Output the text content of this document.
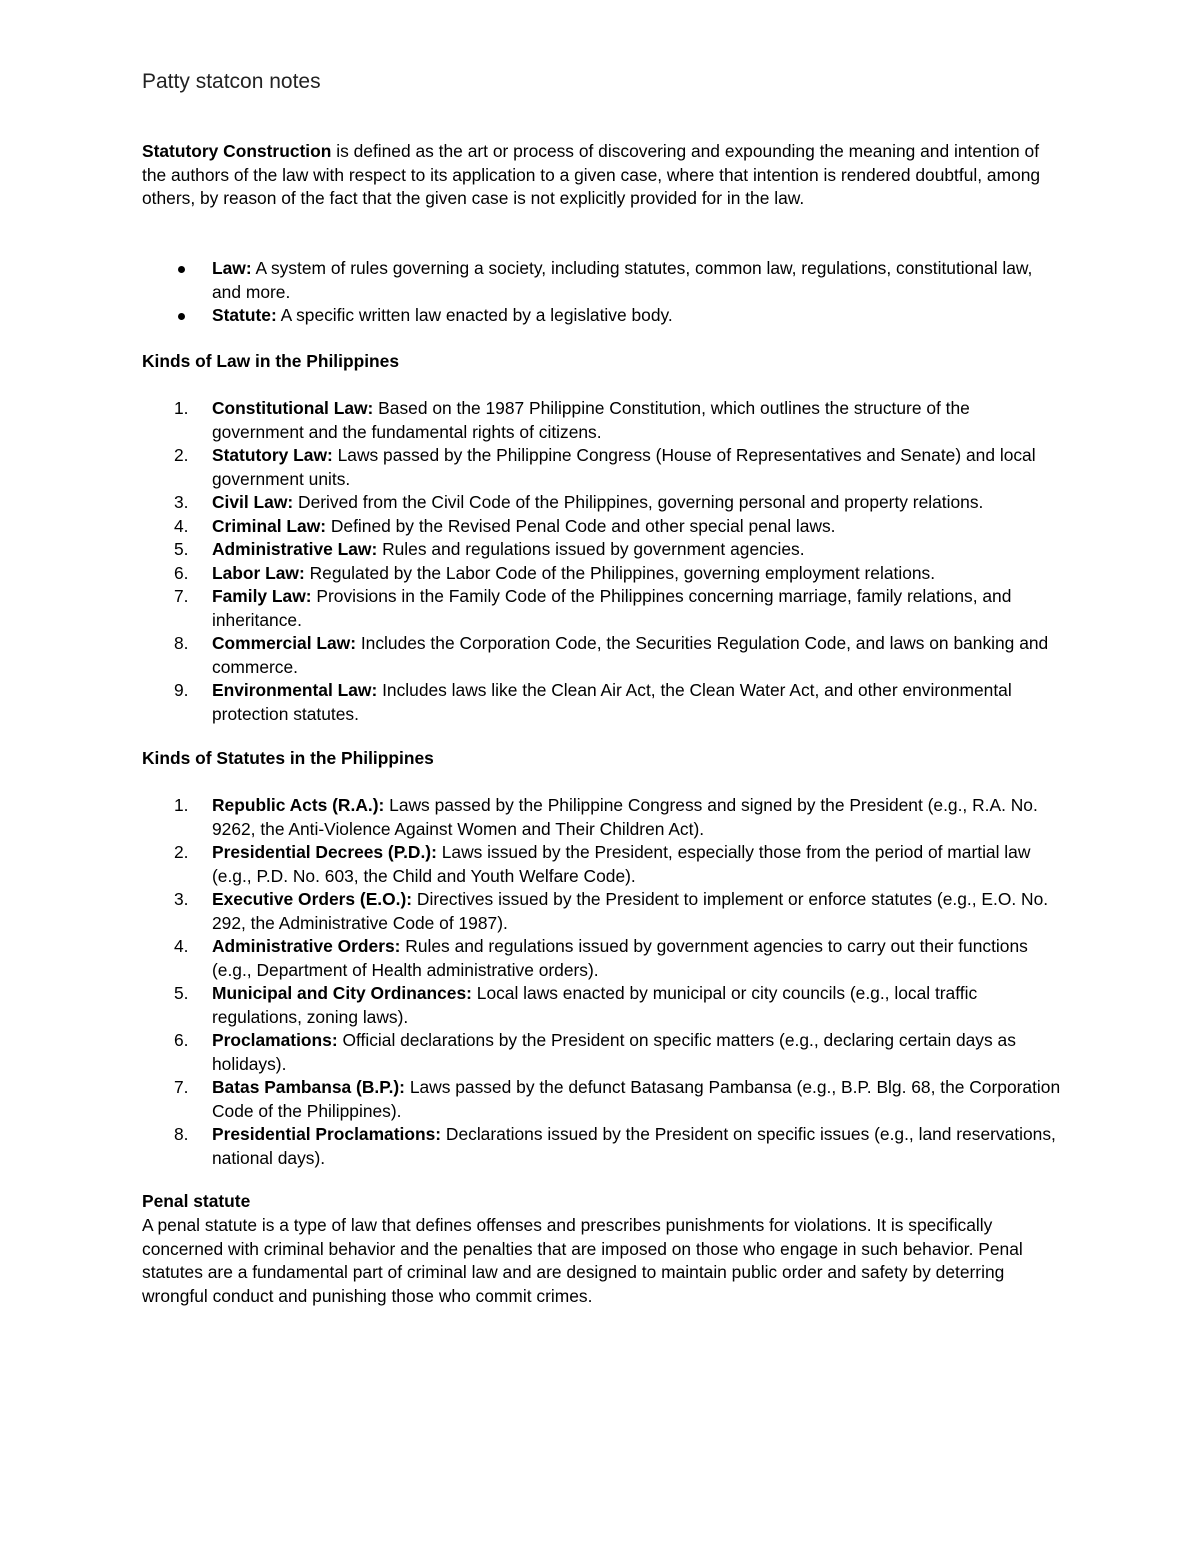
Patty statcon notes

Statutory Construction is defined as the art or process of discovering and expounding the meaning and intention of the authors of the law with respect to its application to a given case, where that intention is rendered doubtful, among others, by reason of the fact that the given case is not explicitly provided for in the law.

Law: A system of rules governing a society, including statutes, common law, regulations, constitutional law, and more.
Statute: A specific written law enacted by a legislative body.
Kinds of Law in the Philippines
1. Constitutional Law: Based on the 1987 Philippine Constitution, which outlines the structure of the government and the fundamental rights of citizens.
2. Statutory Law: Laws passed by the Philippine Congress (House of Representatives and Senate) and local government units.
3. Civil Law: Derived from the Civil Code of the Philippines, governing personal and property relations.
4. Criminal Law: Defined by the Revised Penal Code and other special penal laws.
5. Administrative Law: Rules and regulations issued by government agencies.
6. Labor Law: Regulated by the Labor Code of the Philippines, governing employment relations.
7. Family Law: Provisions in the Family Code of the Philippines concerning marriage, family relations, and inheritance.
8. Commercial Law: Includes the Corporation Code, the Securities Regulation Code, and laws on banking and commerce.
9. Environmental Law: Includes laws like the Clean Air Act, the Clean Water Act, and other environmental protection statutes.
Kinds of Statutes in the Philippines
1. Republic Acts (R.A.): Laws passed by the Philippine Congress and signed by the President (e.g., R.A. No. 9262, the Anti-Violence Against Women and Their Children Act).
2. Presidential Decrees (P.D.): Laws issued by the President, especially those from the period of martial law (e.g., P.D. No. 603, the Child and Youth Welfare Code).
3. Executive Orders (E.O.): Directives issued by the President to implement or enforce statutes (e.g., E.O. No. 292, the Administrative Code of 1987).
4. Administrative Orders: Rules and regulations issued by government agencies to carry out their functions (e.g., Department of Health administrative orders).
5. Municipal and City Ordinances: Local laws enacted by municipal or city councils (e.g., local traffic regulations, zoning laws).
6. Proclamations: Official declarations by the President on specific matters (e.g., declaring certain days as holidays).
7. Batas Pambansa (B.P.): Laws passed by the defunct Batasang Pambansa (e.g., B.P. Blg. 68, the Corporation Code of the Philippines).
8. Presidential Proclamations: Declarations issued by the President on specific issues (e.g., land reservations, national days).
Penal statute

A penal statute is a type of law that defines offenses and prescribes punishments for violations. It is specifically concerned with criminal behavior and the penalties that are imposed on those who engage in such behavior. Penal statutes are a fundamental part of criminal law and are designed to maintain public order and safety by deterring wrongful conduct and punishing those who commit crimes.
